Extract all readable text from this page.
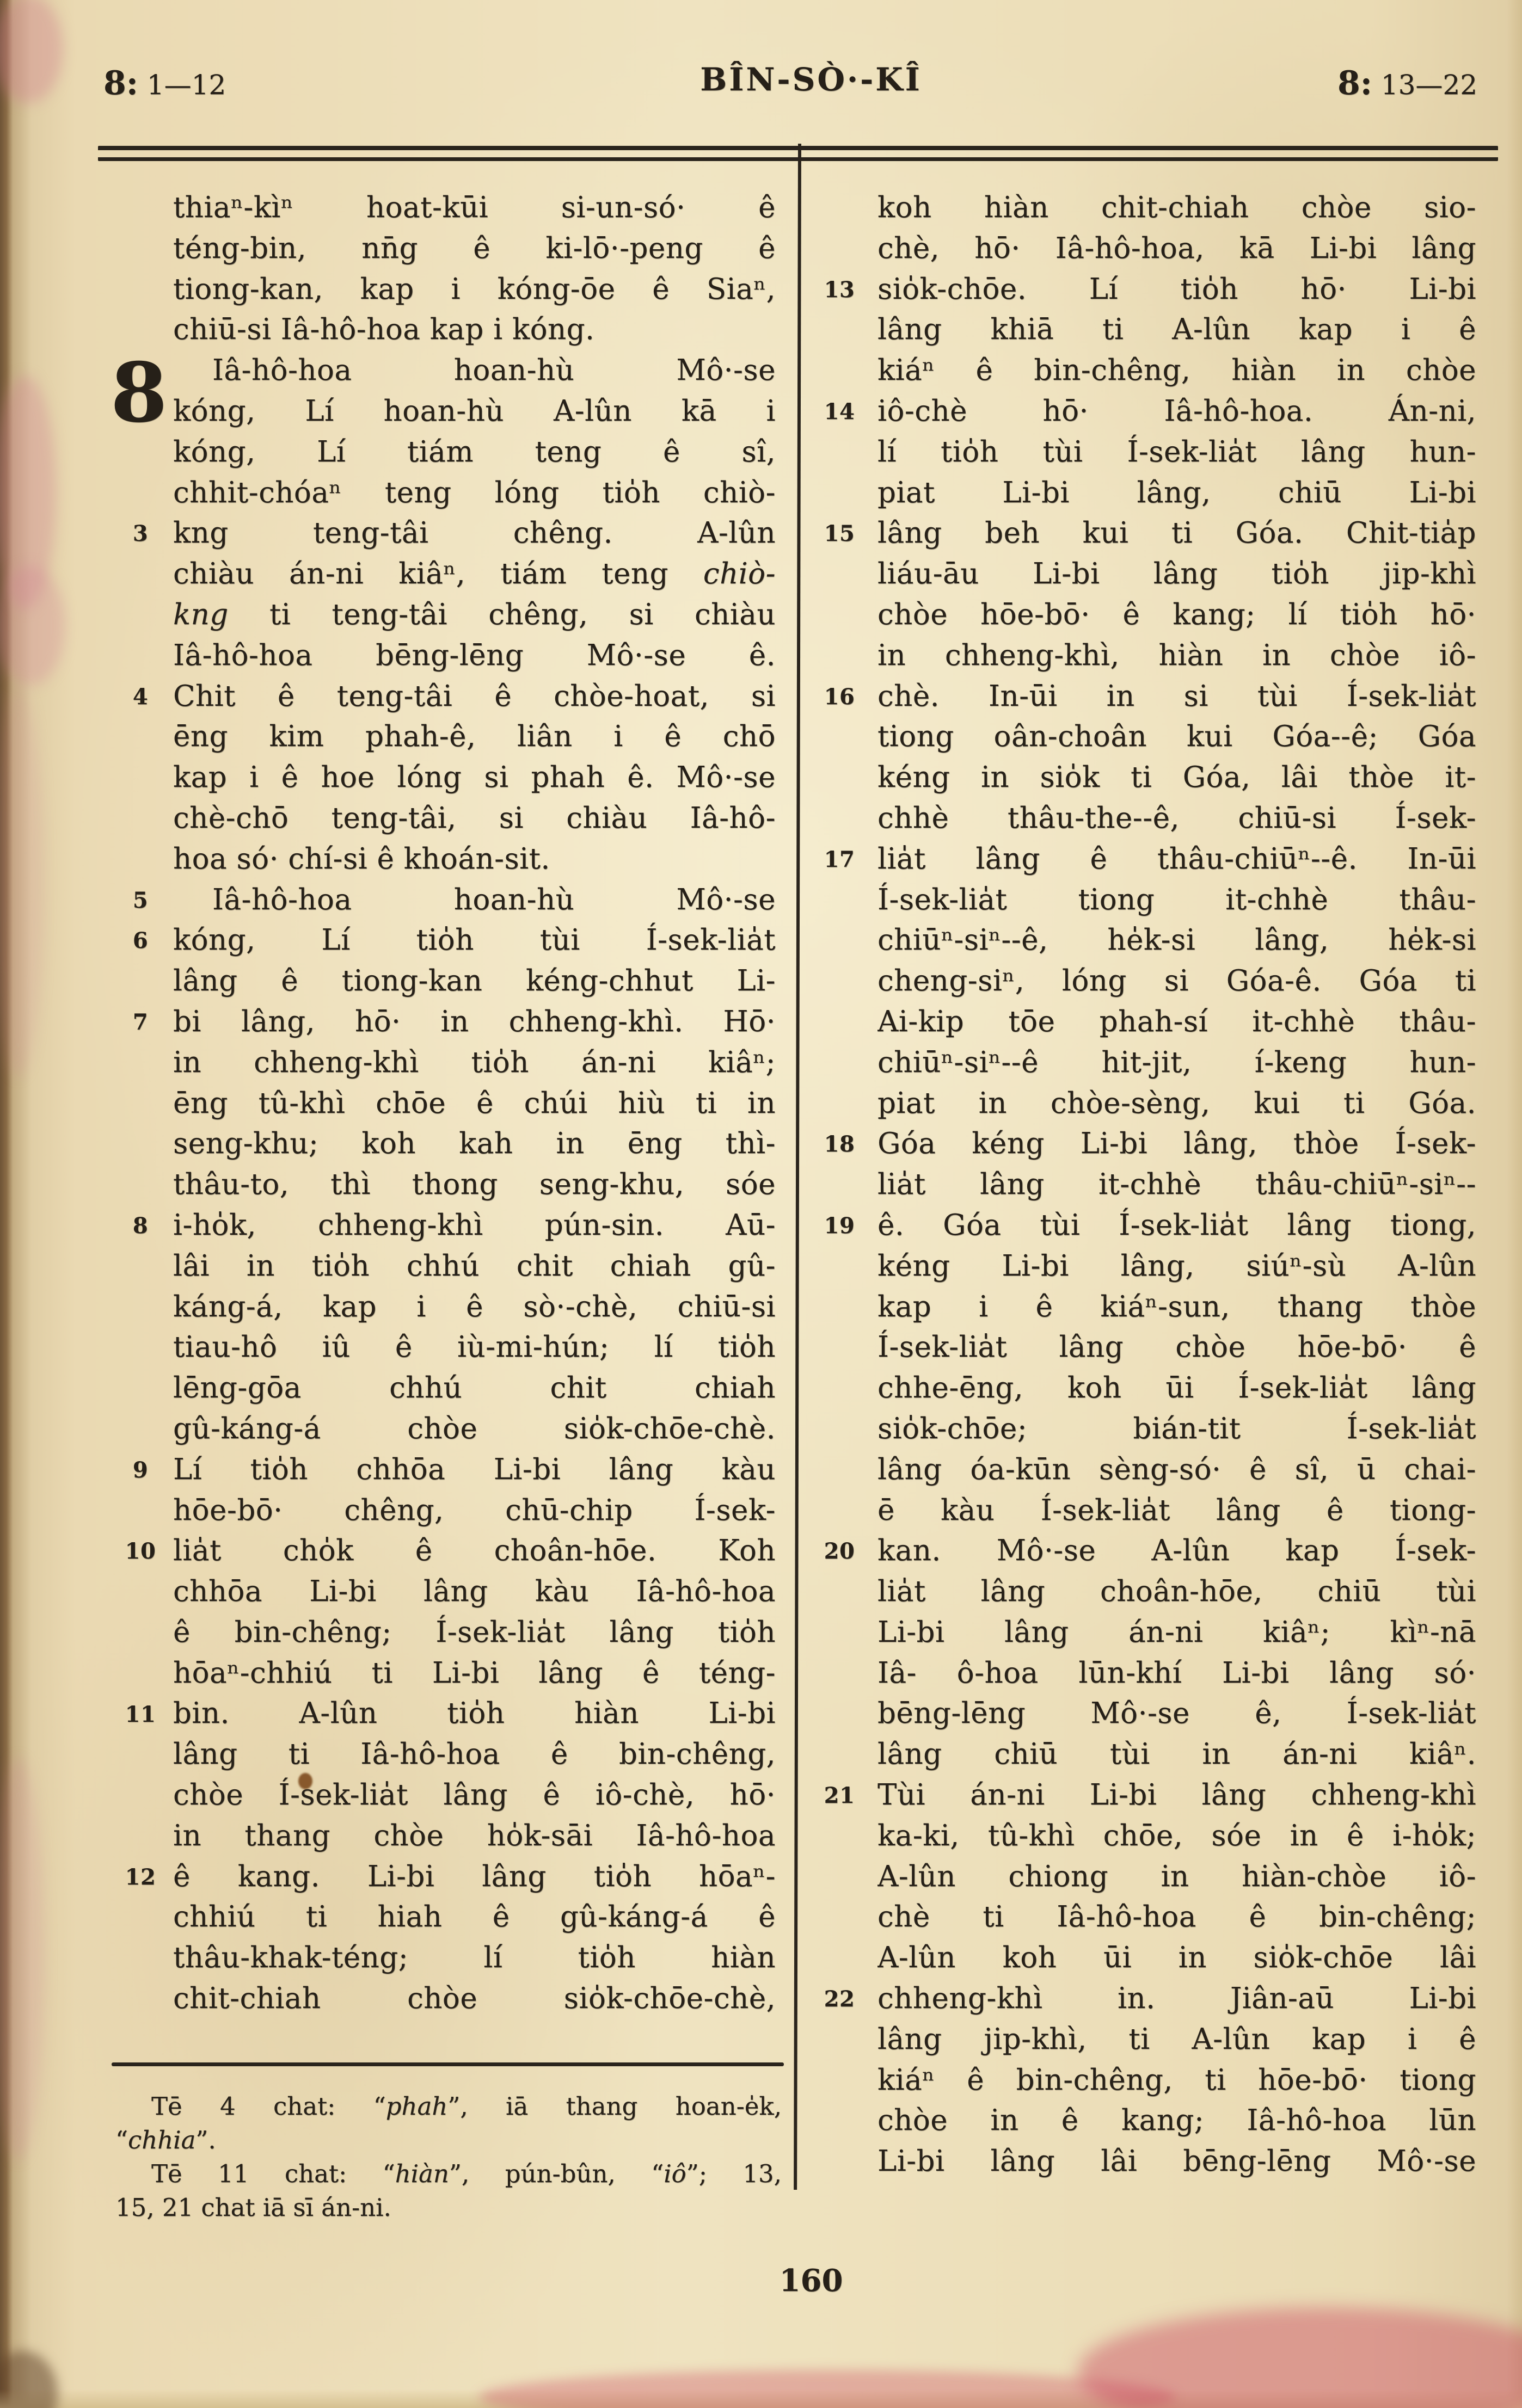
8: 1—12	BÎN-SÒ·-KÎ	8: 13—22
8
thiaⁿ-kìⁿ hoat-kūi si-un-só· ê
téng-bin, nn̄g ê ki-lō·-peng ê
tiong-kan, kap i kóng-ōe ê Siaⁿ,
chiū-si Iâ-hô-hoa kap i kóng.
Iâ-hô-hoa hoan-hù Mô·-se
kóng, Lí hoan-hù A-lûn kā i
kóng, Lí tiám teng ê sî,
chhit-chóaⁿ teng lóng tio̍h chiò-
kng teng-tâi chêng. A-lûn
3
chiàu án-ni kiâⁿ, tiám teng chiò-
kng ti teng-tâi chêng, si chiàu
Iâ-hô-hoa bēng-lēng Mô·-se ê.
Chit ê teng-tâi ê chòe-hoat, si
4
ēng kim phah-ê, liân i ê chō
kap i ê hoe lóng si phah ê. Mô·-se
chè-chō teng-tâi, si chiàu Iâ-hô-
hoa só· chí-si ê khoán-sit.
Iâ-hô-hoa hoan-hù Mô·-se
5
kóng, Lí tio̍h tùi Í-sek-lia̍t
6
lâng ê tiong-kan kéng-chhut Li-
bi lâng, hō· in chheng-khì. Hō·
7
in chheng-khì tio̍h án-ni kiâⁿ;
ēng tû-khì chōe ê chúi hiù ti in
seng-khu; koh kah in ēng thì-
thâu-to, thì thong seng-khu, sóe
i-ho̍k, chheng-khì pún-sin. Aū-
8
lâi in tio̍h chhú chit chiah gû-
káng-á, kap i ê sò·-chè, chiū-si
tiau-hô iû ê iù-mi-hún; lí tio̍h
lēng-gōa chhú chit chiah
gû-káng-á chòe sio̍k-chōe-chè.
Lí tio̍h chhōa Li-bi lâng kàu
9
hōe-bō· chêng, chū-chip Í-sek-
lia̍t cho̍k ê choân-hōe. Koh
10
chhōa Li-bi lâng kàu Iâ-hô-hoa
ê bin-chêng; Í-sek-lia̍t lâng tio̍h
hōaⁿ-chhiú ti Li-bi lâng ê téng-
bin. A-lûn tio̍h hiàn Li-bi
11
lâng ti Iâ-hô-hoa ê bin-chêng,
chòe Í-sek-lia̍t lâng ê iô-chè, hō·
in thang chòe ho̍k-sāi Iâ-hô-hoa
ê kang. Li-bi lâng tio̍h hōaⁿ-
12
chhiú ti hiah ê gû-káng-á ê
thâu-khak-téng; lí tio̍h hiàn
chit-chiah chòe sio̍k-chōe-chè,
koh hiàn chit-chiah chòe sio-
chè, hō· Iâ-hô-hoa, kā Li-bi lâng
sio̍k-chōe. Lí tio̍h hō· Li-bi
13
lâng khiā ti A-lûn kap i ê
kiáⁿ ê bin-chêng, hiàn in chòe
iô-chè hō· Iâ-hô-hoa. Án-ni,
14
lí tio̍h tùi Í-sek-lia̍t lâng hun-
piat Li-bi lâng, chiū Li-bi
lâng beh kui ti Góa. Chit-tia̍p
15
liáu-āu Li-bi lâng tio̍h jip-khì
chòe hōe-bō· ê kang; lí tio̍h hō·
in chheng-khì, hiàn in chòe iô-
chè. In-ūi in si tùi Í-sek-lia̍t
16
tiong oân-choân kui Góa--ê; Góa
kéng in sio̍k ti Góa, lâi thòe it-
chhè thâu-the--ê, chiū-si Í-sek-
lia̍t lâng ê thâu-chiūⁿ--ê. In-ūi
17
Í-sek-lia̍t tiong it-chhè thâu-
chiūⁿ-siⁿ--ê, he̍k-si lâng, he̍k-si
cheng-siⁿ, lóng si Góa-ê. Góa ti
Ai-kip tōe phah-sí it-chhè thâu-
chiūⁿ-siⁿ--ê hit-jit, í-keng hun-
piat in chòe-sèng, kui ti Góa.
Góa kéng Li-bi lâng, thòe Í-sek-
18
lia̍t lâng it-chhè thâu-chiūⁿ-siⁿ--
ê. Góa tùi Í-sek-lia̍t lâng tiong,
19
kéng Li-bi lâng, siúⁿ-sù A-lûn
kap i ê kiáⁿ-sun, thang thòe
Í-sek-lia̍t lâng chòe hōe-bō· ê
chhe-ēng, koh ūi Í-sek-lia̍t lâng
sio̍k-chōe; bián-tit Í-sek-lia̍t
lâng óa-kūn sèng-só· ê sî, ū chai-
ē kàu Í-sek-lia̍t lâng ê tiong-
kan. Mô·-se A-lûn kap Í-sek-
20
lia̍t lâng choân-hōe, chiū tùi
Li-bi lâng án-ni kiâⁿ; kìⁿ-nā
Iâ- ô-hoa lūn-khí Li-bi lâng só·
bēng-lēng Mô·-se ê, Í-sek-lia̍t
lâng chiū tùi in án-ni kiâⁿ.
Tùi án-ni Li-bi lâng chheng-khì
21
ka-ki, tû-khì chōe, sóe in ê i-ho̍k;
A-lûn chiong in hiàn-chòe iô-
chè ti Iâ-hô-hoa ê bin-chêng;
A-lûn koh ūi in sio̍k-chōe lâi
chheng-khì in. Jiân-aū Li-bi
22
lâng jip-khì, ti A-lûn kap i ê
kiáⁿ ê bin-chêng, ti hōe-bō· tiong
chòe in ê kang; Iâ-hô-hoa lūn
Li-bi lâng lâi bēng-lēng Mô·-se
Tē 4 chat: “phah”, iā thang hoan-e̍k,
“chhia”.
Tē 11 chat: “hiàn”, pún-bûn, “iô”; 13,
15, 21 chat iā sī án-ni.
160
